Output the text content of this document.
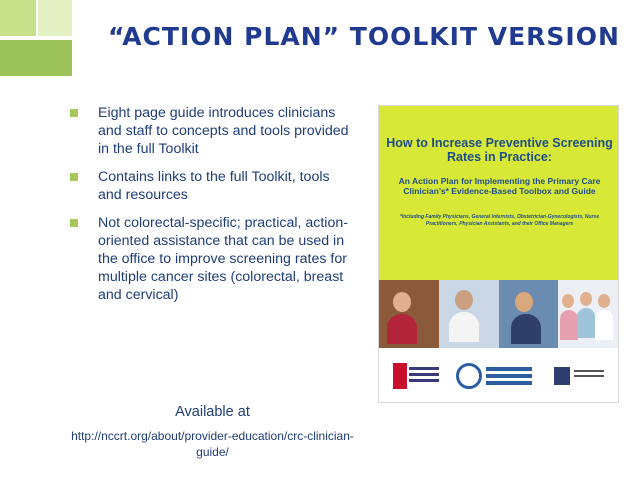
“ACTION PLAN” TOOLKIT VERSION
Eight page guide introduces clinicians and staff to concepts and tools provided in the full Toolkit
Contains links to the full Toolkit, tools and resources
Not colorectal-specific; practical, action-oriented assistance that can be used in the office to improve screening rates for multiple cancer sites (colorectal, breast and cervical)
Available at
http://nccrt.org/about/provider-education/crc-clinician-guide/
How to Increase Preventive Screening Rates in Practice:
An Action Plan for Implementing the Primary Care Clinician’s* Evidence-Based Toolbox and Guide
*Including Family Physicians, General Internists, Obstetrician-Gynecologists, Nurse Practitioners, Physician Assistants, and their Office Managers
